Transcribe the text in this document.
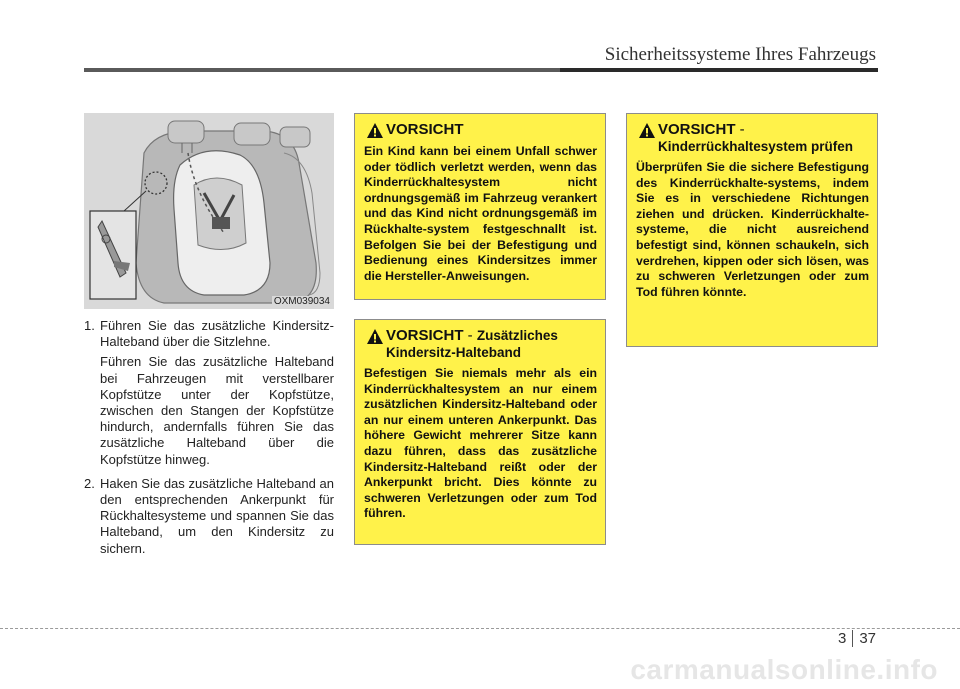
Sicherheitssysteme Ihres Fahrzeugs
OXM039034
1. Führen Sie das zusätzliche Kindersitz-Halteband über die Sitzlehne.

Führen Sie das zusätzliche Halteband bei Fahrzeugen mit verstellbarer Kopfstütze unter der Kopfstütze, zwischen den Stangen der Kopfstütze hindurch, andernfalls führen Sie das zusätzliche Halteband über die Kopfstütze hinweg.

2. Haken Sie das zusätzliche Halteband an den entsprechenden Ankerpunkt für Rückhaltesysteme und spannen Sie das Halteband, um den Kindersitz zu sichern.

VORSICHT
Ein Kind kann bei einem Unfall schwer oder tödlich verletzt werden, wenn das Kinderrückhaltesystem nicht ordnungsgemäß im Fahrzeug verankert und das Kind nicht ordnungsgemäß im Rückhalte-system festgeschnallt ist. Befolgen Sie bei der Befestigung und Bedienung eines Kindersitzes immer die Hersteller-Anweisungen.
VORSICHT - Zusätzliches Kindersitz-Halteband
Befestigen Sie niemals mehr als ein Kinderrückhaltesystem an nur einem zusätzlichen Kindersitz-Halteband oder an nur einem unteren Ankerpunkt. Das höhere Gewicht mehrerer Sitze kann dazu führen, dass das zusätzliche Kindersitz-Halteband reißt oder der Ankerpunkt bricht. Dies könnte zu schweren Verletzungen oder zum Tod führen.
VORSICHT -
Kinderrückhaltesystem prüfen
Überprüfen Sie die sichere Befestigung des Kinderrückhalte-systems, indem Sie es in verschiedene Richtungen ziehen und drücken. Kinderrückhalte-systeme, die nicht ausreichend befestigt sind, können schaukeln, sich verdrehen, kippen oder sich lösen, was zu schweren Verletzungen oder zum Tod führen könnte.
3 37
carmanualsonline.info
